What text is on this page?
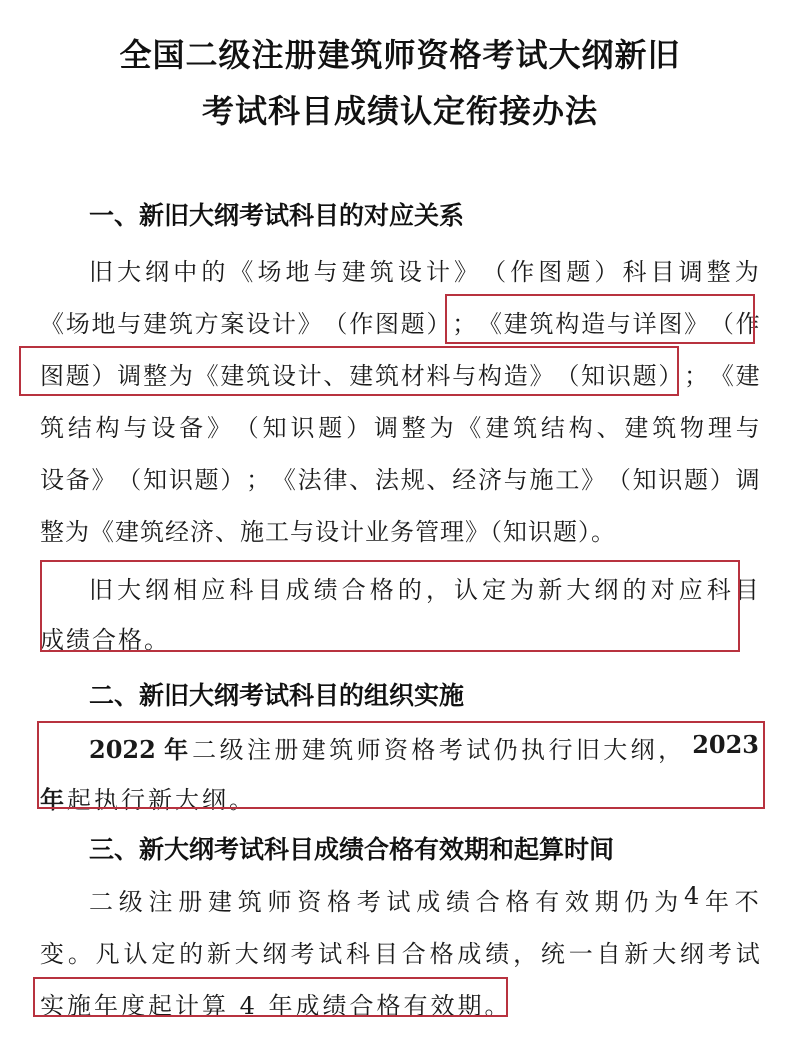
全国二级注册建筑师资格考试大纲新旧
考试科目成绩认定衔接办法
一、新旧大纲考试科目的对应关系
旧 大 纲 中 的 《 场 地 与 建 筑 设 计 》 （ 作 图 题 ） 科 目 调 整 为
《 场 地 与 建 筑 方 案 设 计 》 （ 作 图 题 ） ； 《 建 筑 构 造 与 详 图 》 （ 作
图 题 ） 调 整 为 《 建 筑 设 计 、 建 筑 材 料 与 构 造 》 （ 知 识 题 ） ； 《 建
筑 结 构 与 设 备 》 （ 知 识 题 ） 调 整 为 《 建 筑 结 构 、 建 筑 物 理 与
设 备 》 （ 知 识 题 ） ； 《 法 律 、 法 规 、 经 济 与 施 工 》 （ 知 识 题 ） 调
整为《建筑经济、施工与设计业务管理》（知识题）。
旧 大 纲 相 应 科 目 成 绩 合 格 的 ， 认 定 为 新 大 纲 的 对 应 科 目
成绩合格。
二、新旧大纲考试科目的组织实施
2022 年 二 级 注 册 建 筑 师 资 格 考 试 仍 执 行 旧 大 纲 ， 2023
年起执行新大纲。
三、新大纲考试科目成绩合格有效期和起算时间
二 级 注 册 建 筑 师 资 格 考 试 成 绩 合 格 有 效 期 仍 为 4 年 不
变 。 凡 认 定 的 新 大 纲 考 试 科 目 合 格 成 绩 ， 统 一 自 新 大 纲 考 试
实施年度起计算 4 年成绩合格有效期。
